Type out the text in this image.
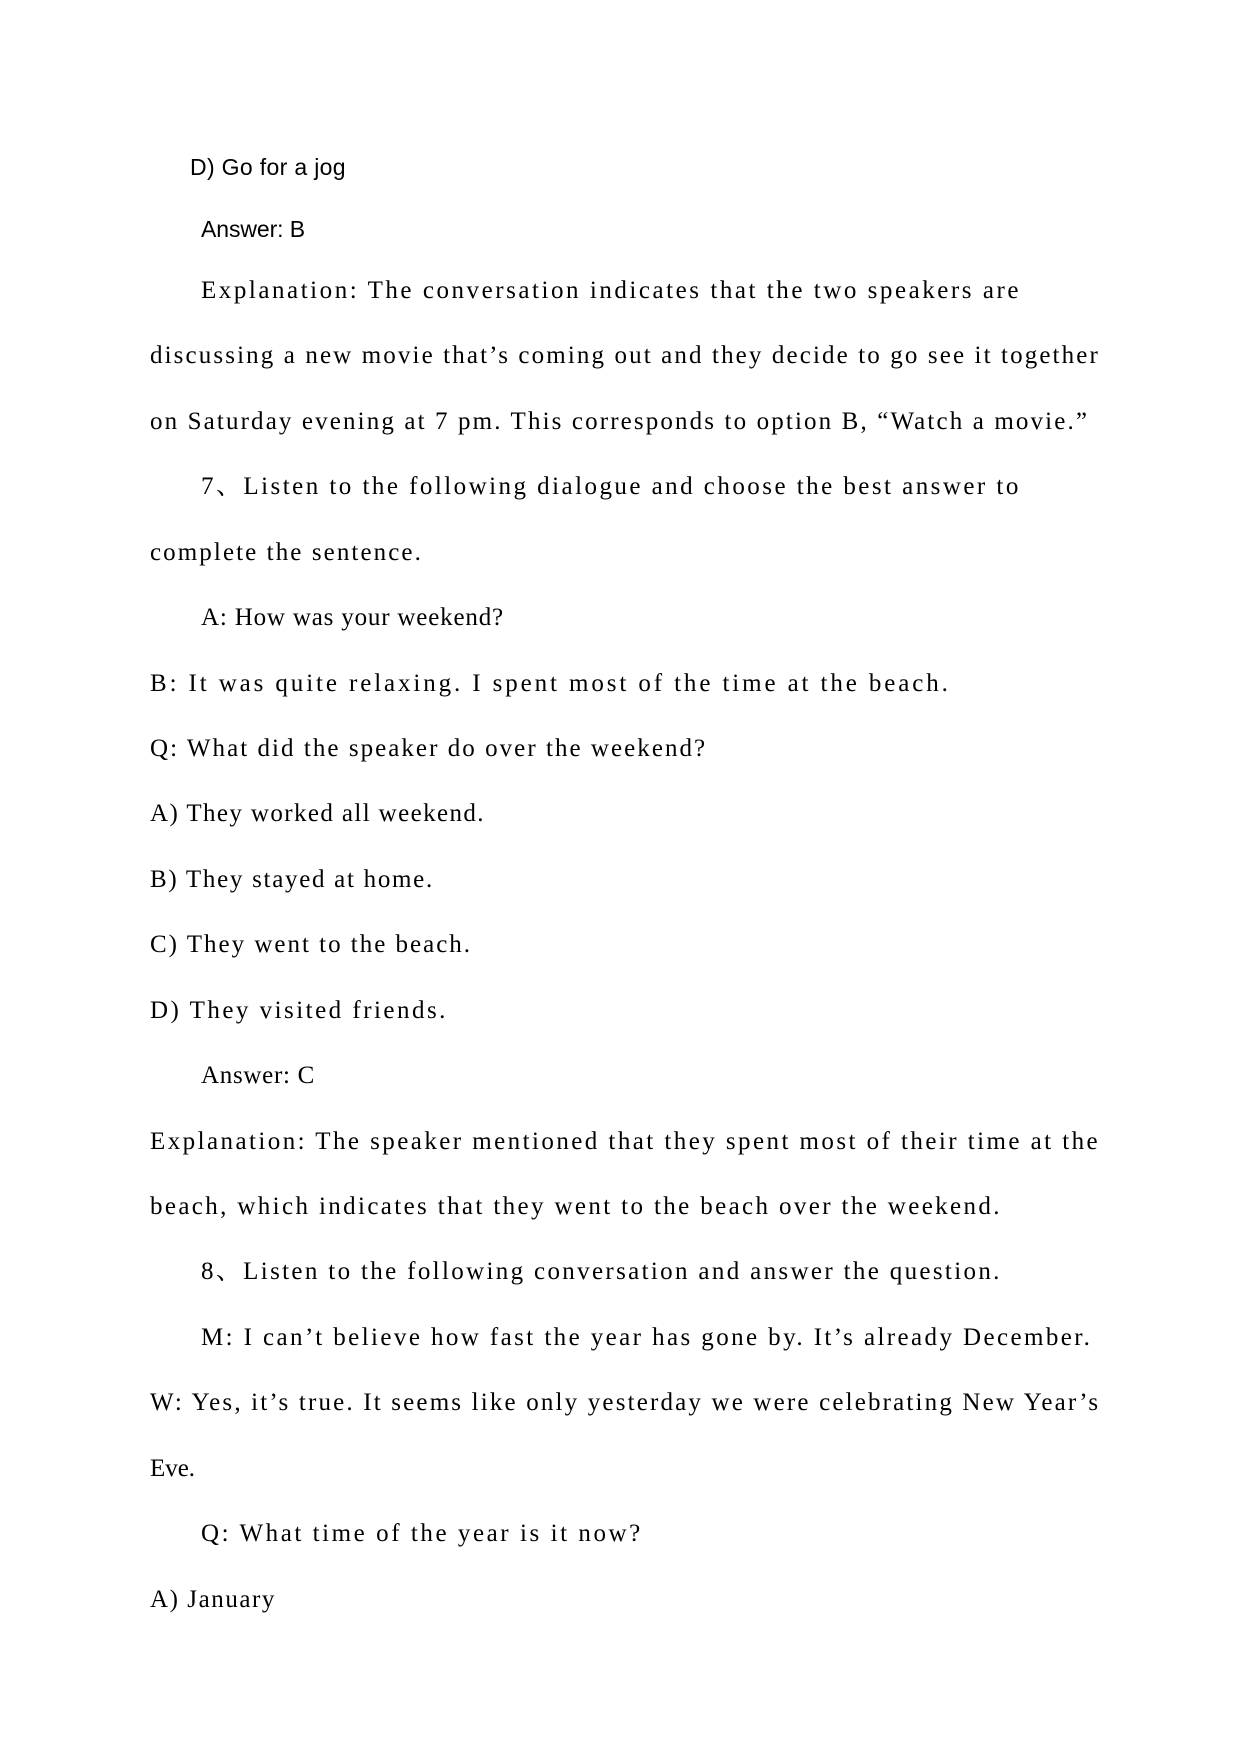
D) Go for a jog
Answer: B
Explanation: The conversation indicates that the two speakers are
discussing a new movie that’s coming out and they decide to go see it together
on Saturday evening at 7 pm. This corresponds to option B, “Watch a movie.”
7、Listen to the following dialogue and choose the best answer to
complete the sentence.
A: How was your weekend?
B: It was quite relaxing. I spent most of the time at the beach.
Q: What did the speaker do over the weekend?
A) They worked all weekend.
B) They stayed at home.
C) They went to the beach.
D) They visited friends.
Answer: C
Explanation: The speaker mentioned that they spent most of their time at the
beach, which indicates that they went to the beach over the weekend.
8、Listen to the following conversation and answer the question.
M: I can’t believe how fast the year has gone by. It’s already December.
W: Yes, it’s true. It seems like only yesterday we were celebrating New Year’s
Eve.
Q: What time of the year is it now?
A) January
